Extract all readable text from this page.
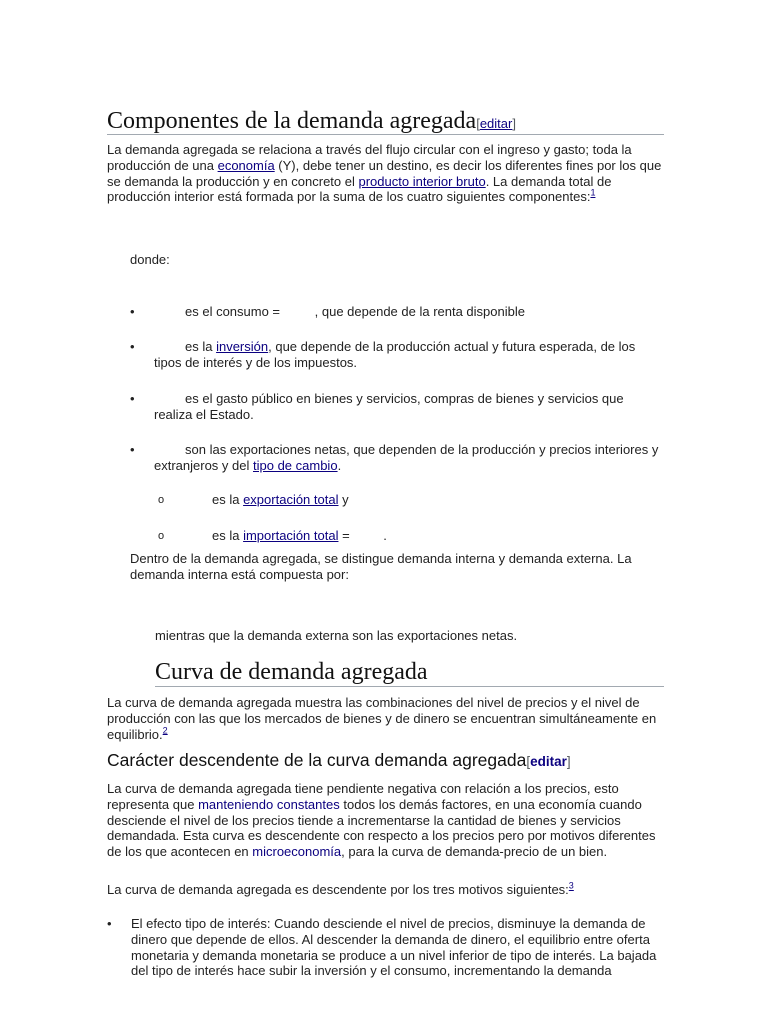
Componentes de la demanda agregada[editar]

La demanda agregada se relaciona a través del flujo circular con el ingreso y gasto; toda la producción de una economía (Y), debe tener un destino, es decir los diferentes fines por los que se demanda la producción y en concreto el producto interior bruto. La demanda total de producción interior está formada por la suma de los cuatro siguientes componentes:$^1$

donde:

•	es el consumo = , que depende de la renta disponible

•	es la inversión, que depende de la producción actual y futura esperada, de los tipos de interés y de los impuestos.

•	es el gasto público en bienes y servicios, compras de bienes y servicios que realiza el Estado.

•	son las exportaciones netas, que dependen de la producción y precios interiores y extranjeros y del tipo de cambio.

o	es la exportación total y

o	es la importación total = .

Dentro de la demanda agregada, se distingue demanda interna y demanda externa. La demanda interna está compuesta por:

mientras que la demanda externa son las exportaciones netas.

Curva de demanda agregada

La curva de demanda agregada muestra las combinaciones del nivel de precios y el nivel de producción con las que los mercados de bienes y de dinero se encuentran simultáneamente en equilibrio.$^2$

Carácter descendente de la curva demanda agregada[editar]

La curva de demanda agregada tiene pendiente negativa con relación a los precios, esto representa que manteniendo constantes todos los demás factores, en una economía cuando desciende el nivel de los precios tiende a incrementarse la cantidad de bienes y servicios demandada. Esta curva es descendente con respecto a los precios pero por motivos diferentes de los que acontecen en microeconomía, para la curva de demanda-precio de un bien.

La curva de demanda agregada es descendente por los tres motivos siguientes:$^3$

• El efecto tipo de interés: Cuando desciende el nivel de precios, disminuye la demanda de dinero que depende de ellos. Al descender la demanda de dinero, el equilibrio entre oferta monetaria y demanda monetaria se produce a un nivel inferior de tipo de interés. La bajada del tipo de interés hace subir la inversión y el consumo, incrementando la demanda
